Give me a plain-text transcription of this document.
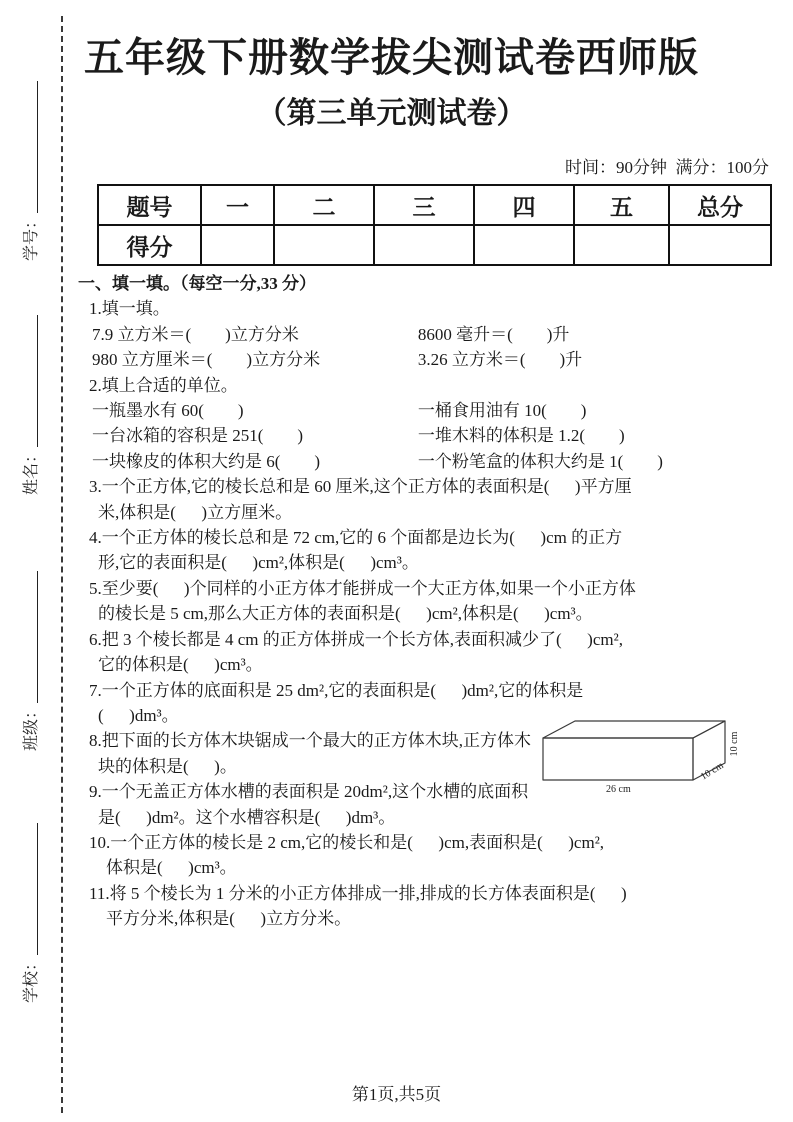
学号：
姓名：
班级：
学校：
五年级下册数学拔尖测试卷西师版
（第三单元测试卷）
时间：90分钟  满分：100分
题号	一	二	三	四	五	总分
得分						
一、填一填。（每空一分,33 分）
1.填一填。
7.9 立方米＝(        )立方分米	8600 毫升＝(        )升
980 立方厘米＝(        )立方分米	3.26 立方米＝(        )升
2.填上合适的单位。
一瓶墨水有 60(        )	一桶食用油有 10(        )
一台冰箱的容积是 251(        )	一堆木料的体积是 1.2(        )
一块橡皮的体积大约是 6(        )	一个粉笔盒的体积大约是 1(        )
3.一个正方体,它的棱长总和是 60 厘米,这个正方体的表面积是(      )平方厘
米,体积是(      )立方厘米。
4.一个正方体的棱长总和是 72 cm,它的 6 个面都是边长为(      )cm 的正方
形,它的表面积是(      )cm²,体积是(      )cm³。
5.至少要(      )个同样的小正方体才能拼成一个大正方体,如果一个小正方体
的棱长是 5 cm,那么大正方体的表面积是(      )cm²,体积是(      )cm³。
6.把 3 个棱长都是 4 cm 的正方体拼成一个长方体,表面积减少了(      )cm²,
它的体积是(      )cm³。
7.一个正方体的底面积是 25 dm²,它的表面积是(      )dm²,它的体积是
(      )dm³。
8.把下面的长方体木块锯成一个最大的正方体木块,正方体木
块的体积是(      )。
9.一个无盖正方体水槽的表面积是 20dm²,这个水槽的底面积
是(      )dm²。这个水槽容积是(      )dm³。
10.一个正方体的棱长是 2 cm,它的棱长和是(      )cm,表面积是(      )cm²,
体积是(      )cm³。
11.将 5 个棱长为 1 分米的小正方体排成一排,排成的长方体表面积是(      )
平方分米,体积是(      )立方分米。
26 cm
10 cm
10 cm
第1页,共5页
